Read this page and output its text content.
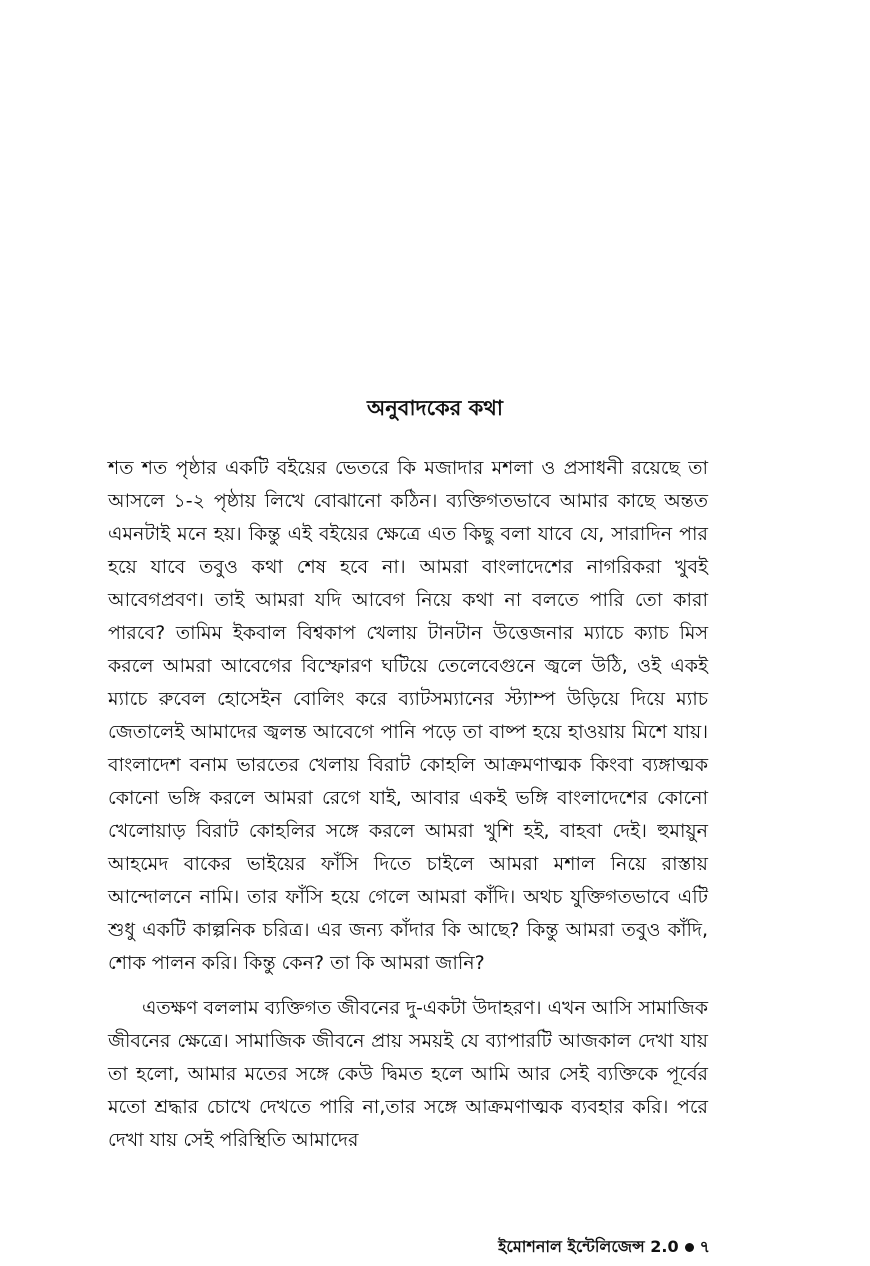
অনুবাদকের কথা

শত শত পৃষ্ঠার একটি বইয়ের ভেতরে কি মজাদার মশলা ও প্রসাধনী রয়েছে তা আসলে ১-২ পৃষ্ঠায় লিখে বোঝানো কঠিন। ব্যক্তিগতভাবে আমার কাছে অন্তত এমনটাই মনে হয়। কিন্তু এই বইয়ের ক্ষেত্রে এত কিছু বলা যাবে যে, সারাদিন পার হয়ে যাবে তবুও কথা শেষ হবে না। আমরা বাংলাদেশের নাগরিকরা খুবই আবেগপ্রবণ। তাই আমরা যদি আবেগ নিয়ে কথা না বলতে পারি তো কারা পারবে? তামিম ইকবাল বিশ্বকাপ খেলায় টানটান উত্তেজনার ম্যাচে ক্যাচ মিস করলে আমরা আবেগের বিস্ফোরণ ঘটিয়ে তেলেবেগুনে জ্বলে উঠি, ওই একই ম্যাচে রুবেল হোসেইন বোলিং করে ব্যাটসম্যানের স্ট্যাম্প উড়িয়ে দিয়ে ম্যাচ জেতালেই আমাদের জ্বলন্ত আবেগে পানি পড়ে তা বাষ্প হয়ে হাওয়ায় মিশে যায়। বাংলাদেশ বনাম ভারতের খেলায় বিরাট কোহলি আক্রমণাত্মক কিংবা ব্যঙ্গাত্মক কোনো ভঙ্গি করলে আমরা রেগে যাই, আবার একই ভঙ্গি বাংলাদেশের কোনো খেলোয়াড় বিরাট কোহলির সঙ্গে করলে আমরা খুশি হই, বাহবা দেই। হুমায়ুন আহমেদ বাকের ভাইয়ের ফাঁসি দিতে চাইলে আমরা মশাল নিয়ে রাস্তায় আন্দোলনে নামি। তার ফাঁসি হয়ে গেলে আমরা কাঁদি। অথচ যুক্তিগতভাবে এটি শুধু একটি কাল্পনিক চরিত্র। এর জন্য কাঁদার কি আছে? কিন্তু আমরা তবুও কাঁদি, শোক পালন করি। কিন্তু কেন? তা কি আমরা জানি?

এতক্ষণ বললাম ব্যক্তিগত জীবনের দু-একটা উদাহরণ। এখন আসি সামাজিক জীবনের ক্ষেত্রে। সামাজিক জীবনে প্রায় সময়ই যে ব্যাপারটি আজকাল দেখা যায় তা হলো, আমার মতের সঙ্গে কেউ দ্বিমত হলে আমি আর সেই ব্যক্তিকে পূর্বের মতো শ্রদ্ধার চোখে দেখতে পারি না,তার সঙ্গে আক্রমণাত্মক ব্যবহার করি। পরে দেখা যায় সেই পরিস্থিতি আমাদের

ইমোশনাল ইন্টেলিজেন্স 2.0 ৭
